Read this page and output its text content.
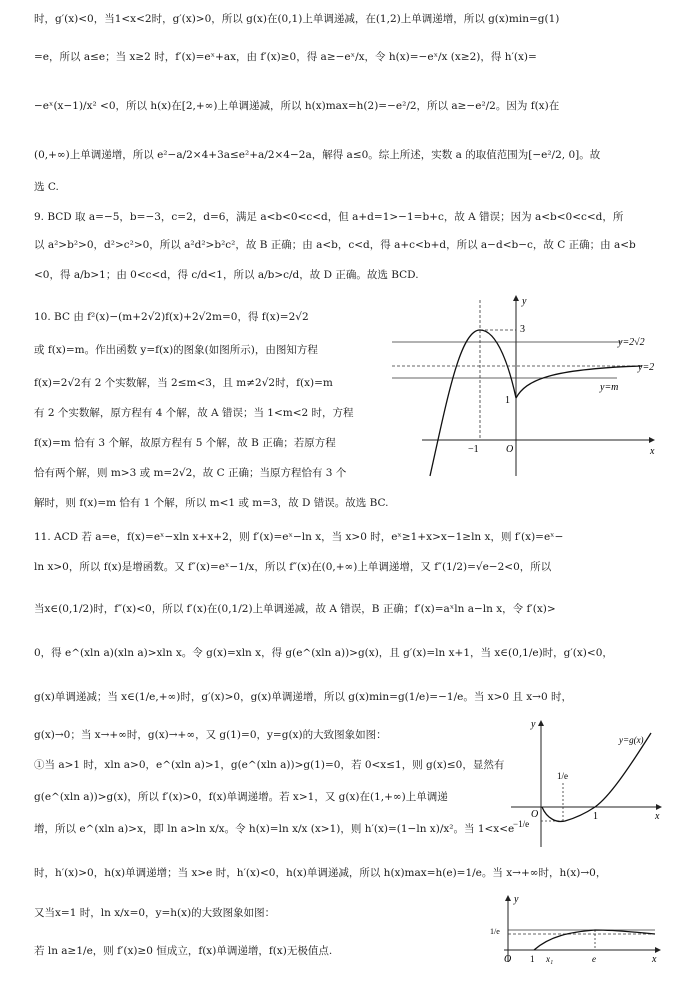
时，g′(x)<0，当1<x<2时，g′(x)>0，所以 g(x)在(0,1)上单调递减，在(1,2)上单调递增，所以 g(x)min=g(1)
=e，所以 a≤e；当 x≥2 时，f′(x)=eˣ+ax，由 f′(x)≥0，得 a≥−eˣ/x，令 h(x)=−eˣ/x (x≥2)，得 h′(x)=
−eˣ(x−1)/x² <0，所以 h(x)在[2,+∞)上单调递减，所以 h(x)max=h(2)=−e²/2，所以 a≥−e²/2。因为 f(x)在
(0,+∞)上单调递增，所以 e²−a/2×4+3a≤e²+a/2×4−2a，解得 a≤0。综上所述，实数 a 的取值范围为[−e²/2, 0]。故
选 C.
9. BCD 取 a=−5，b=−3，c=2，d=6，满足 a<b<0<c<d，但 a+d=1>−1=b+c，故 A 错误；因为 a<b<0<c<d，所
以 a²>b²>0，d²>c²>0，所以 a²d²>b²c²，故 B 正确；由 a<b，c<d，得 a+c<b+d，所以 a−d<b−c，故 C 正确；由 a<b
<0，得 a/b>1；由 0<c<d，得 c/d<1，所以 a/b>c/d，故 D 正确。故选 BCD.
10. BC 由 f²(x)−(m+2√2)f(x)+2√2m=0，得 f(x)=2√2
或 f(x)=m。作出函数 y=f(x)的图象(如图所示)，由图知方程
f(x)=2√2有 2 个实数解，当 2≤m<3，且 m≠2√2时，f(x)=m
有 2 个实数解，原方程有 4 个解，故 A 错误；当 1<m<2 时，方程
f(x)=m 恰有 3 个解，故原方程有 5 个解，故 B 正确；若原方程
恰有两个解，则 m>3 或 m=2√2，故 C 正确；当原方程恰有 3 个
解时，则 f(x)=m 恰有 1 个解，所以 m<1 或 m=3，故 D 错误。故选 BC.
11. ACD 若 a=e，f(x)=eˣ−xln x+x+2，则 f′(x)=eˣ−ln x，当 x>0 时，eˣ≥1+x>x−1≥ln x，则 f′(x)=eˣ−
ln x>0，所以 f(x)是增函数。又 f″(x)=eˣ−1/x，所以 f″(x)在(0,+∞)上单调递增，又 f″(1/2)=√e−2<0，所以
当x∈(0,1/2)时，f″(x)<0，所以 f′(x)在(0,1/2)上单调递减，故 A 错误，B 正确；f′(x)=aˣln a−ln x，令 f′(x)>
0，得 e^(xln a)(xln a)>xln x。令 g(x)=xln x，得 g(e^(xln a))>g(x)，且 g′(x)=ln x+1，当 x∈(0,1/e)时，g′(x)<0，
g(x)单调递减；当 x∈(1/e,+∞)时，g′(x)>0，g(x)单调递增，所以 g(x)min=g(1/e)=−1/e。当 x>0 且 x→0 时，
g(x)→0；当 x→+∞时，g(x)→+∞，又 g(1)=0，y=g(x)的大致图象如图：
①当 a>1 时，xln a>0，e^(xln a)>1，g(e^(xln a))>g(1)=0，若 0<x≤1，则 g(x)≤0，显然有
g(e^(xln a))>g(x)，所以 f′(x)>0，f(x)单调递增。若 x>1，又 g(x)在(1,+∞)上单调递
增，所以 e^(xln a)>x，即 ln a>ln x/x。令 h(x)=ln x/x (x>1)，则 h′(x)=(1−ln x)/x²。当 1<x<e
时，h′(x)>0，h(x)单调递增；当 x>e 时，h′(x)<0，h(x)单调递减，所以 h(x)max=h(e)=1/e。当 x→+∞时，h(x)→0，
又当x=1 时，ln x/x=0，y=h(x)的大致图象如图：
若 ln a≥1/e，则 f′(x)≥0 恒成立，f(x)单调递增，f(x)无极值点.
y
x
O
3
1
−1
y=2√2
y=2
y=m
y
x
O
1/e
1
−1/e
y=g(x)
y
x
O
1/e
1 x₁	e
